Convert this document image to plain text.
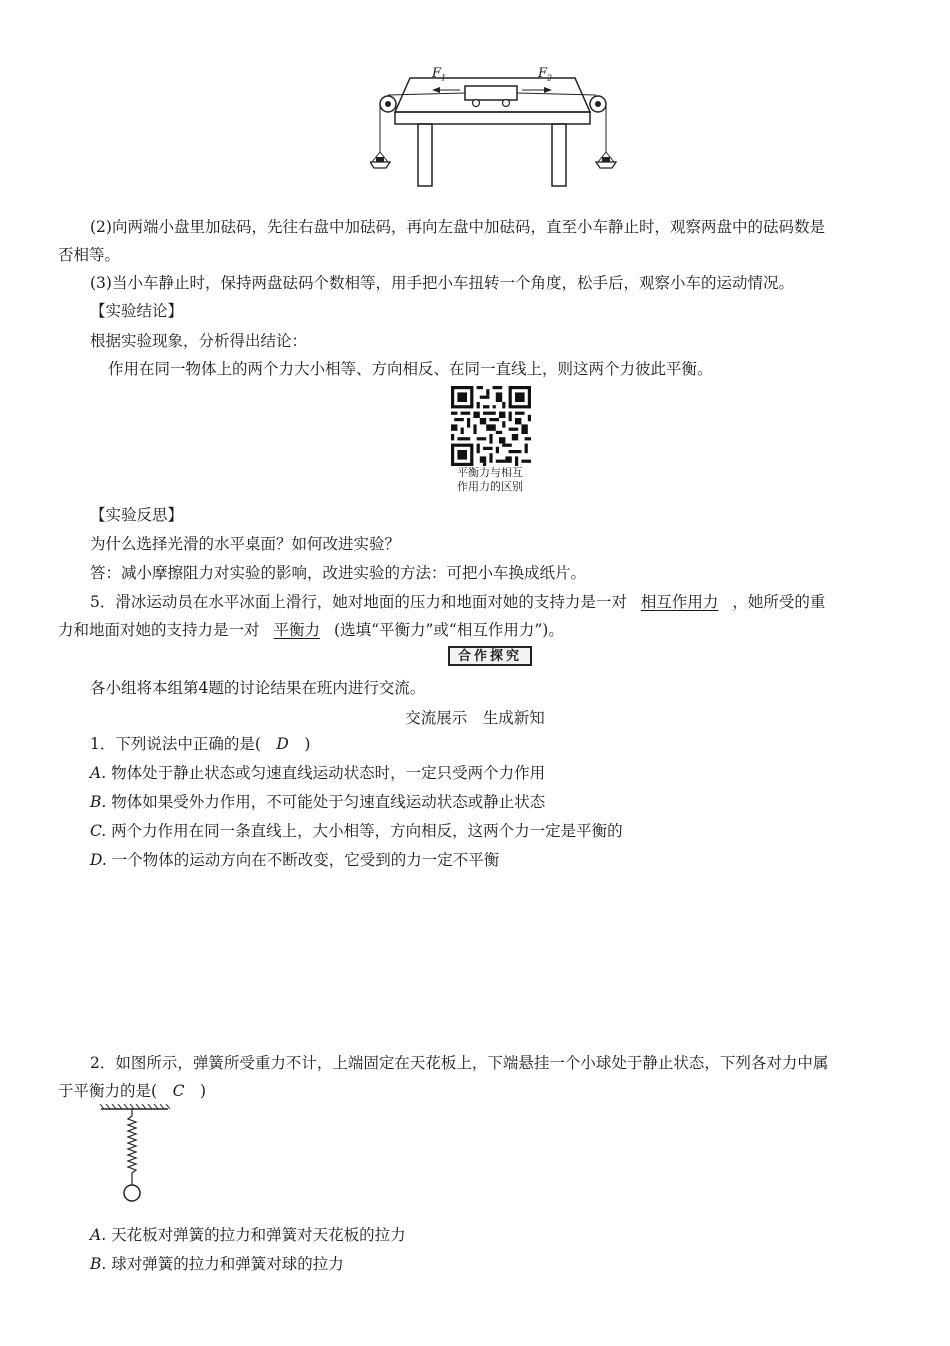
$F_1$	$F_2$
(2)向两端小盘里加砝码，先往右盘中加砝码，再向左盘中加砝码，直至小车静止时，观察两盘中的砝码数是
否相等。
(3)当小车静止时，保持两盘砝码个数相等，用手把小车扭转一个角度，松手后，观察小车的运动情况。
【实验结论】
根据实验现象，分析得出结论：
作用在同一物体上的两个力大小相等、方向相反、在同一直线上，则这两个力彼此平衡。
平衡力与相互
作用力的区别
【实验反思】
为什么选择光滑的水平桌面？如何改进实验？
答：减小摩擦阻力对实验的影响，改进实验的方法：可把小车换成纸片。
5．滑冰运动员在水平冰面上滑行，她对地面的压力和地面对她的支持力是一对 相互作用力 ，她所受的重
力和地面对她的支持力是一对 平衡力 (选填“平衡力”或“相互作用力”)。
合作探究
各小组将本组第4题的讨论结果在班内进行交流。
交流展示　生成新知
1．下列说法中正确的是(　D　)
A. 物体处于静止状态或匀速直线运动状态时，一定只受两个力作用
B. 物体如果受外力作用，不可能处于匀速直线运动状态或静止状态
C. 两个力作用在同一条直线上，大小相等，方向相反，这两个力一定是平衡的
D. 一个物体的运动方向在不断改变，它受到的力一定不平衡
2．如图所示，弹簧所受重力不计，上端固定在天花板上，下端悬挂一个小球处于静止状态，下列各对力中属
于平衡力的是(　C　)
A. 天花板对弹簧的拉力和弹簧对天花板的拉力
B. 球对弹簧的拉力和弹簧对球的拉力
